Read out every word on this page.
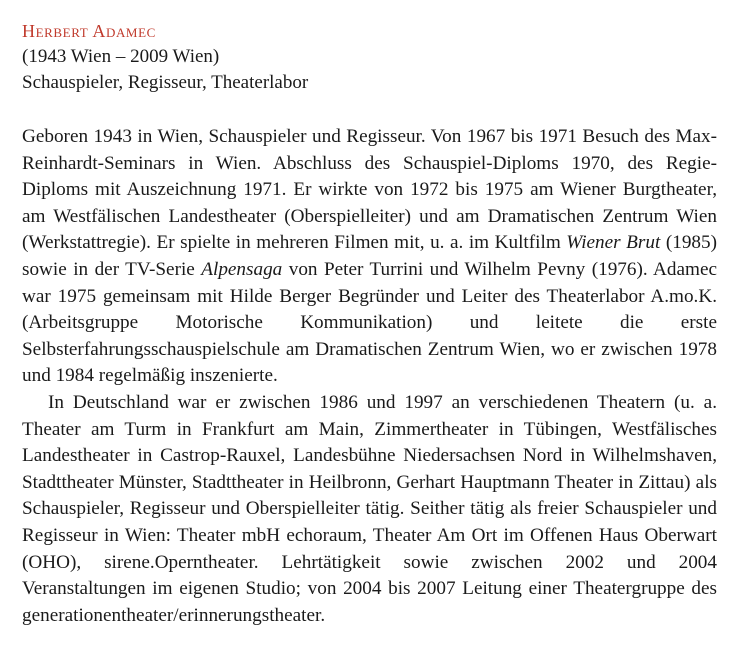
Herbert Adamec
(1943 Wien – 2009 Wien)
Schauspieler, Regisseur, Theaterlabor

Geboren 1943 in Wien, Schauspieler und Regisseur. Von 1967 bis 1971 Besuch des Max-Reinhardt-Seminars in Wien. Abschluss des Schauspiel-Diploms 1970, des Regie-Diploms mit Auszeichnung 1971. Er wirkte von 1972 bis 1975 am Wiener Burgtheater, am Westfälischen Landestheater (Oberspielleiter) und am Dramatischen Zentrum Wien (Werkstattregie). Er spielte in mehreren Filmen mit, u. a. im Kultfilm Wiener Brut (1985) sowie in der TV-Serie Alpensaga von Peter Turrini und Wilhelm Pevny (1976). Adamec war 1975 gemeinsam mit Hilde Berger Begründer und Leiter des Theaterlabor A.mo.K. (Arbeitsgruppe Motorische Kommunikation) und leitete die erste Selbsterfahrungsschauspielschule am Dramatischen Zentrum Wien, wo er zwischen 1978 und 1984 regelmäßig inszenierte.

In Deutschland war er zwischen 1986 und 1997 an verschiedenen Theatern (u. a. Theater am Turm in Frankfurt am Main, Zimmertheater in Tübingen, Westfälisches Landestheater in Castrop-Rauxel, Landesbühne Niedersachsen Nord in Wilhelmshaven, Stadttheater Münster, Stadttheater in Heilbronn, Gerhart Hauptmann Theater in Zittau) als Schauspieler, Regisseur und Oberspielleiter tätig. Seither tätig als freier Schauspieler und Regisseur in Wien: Theater mbH echoraum, Theater Am Ort im Offenen Haus Oberwart (OHO), sirene.Operntheater. Lehrtätigkeit sowie zwischen 2002 und 2004 Veranstaltungen im eigenen Studio; von 2004 bis 2007 Leitung einer Theatergruppe des generationentheater/erinnerungstheater.
